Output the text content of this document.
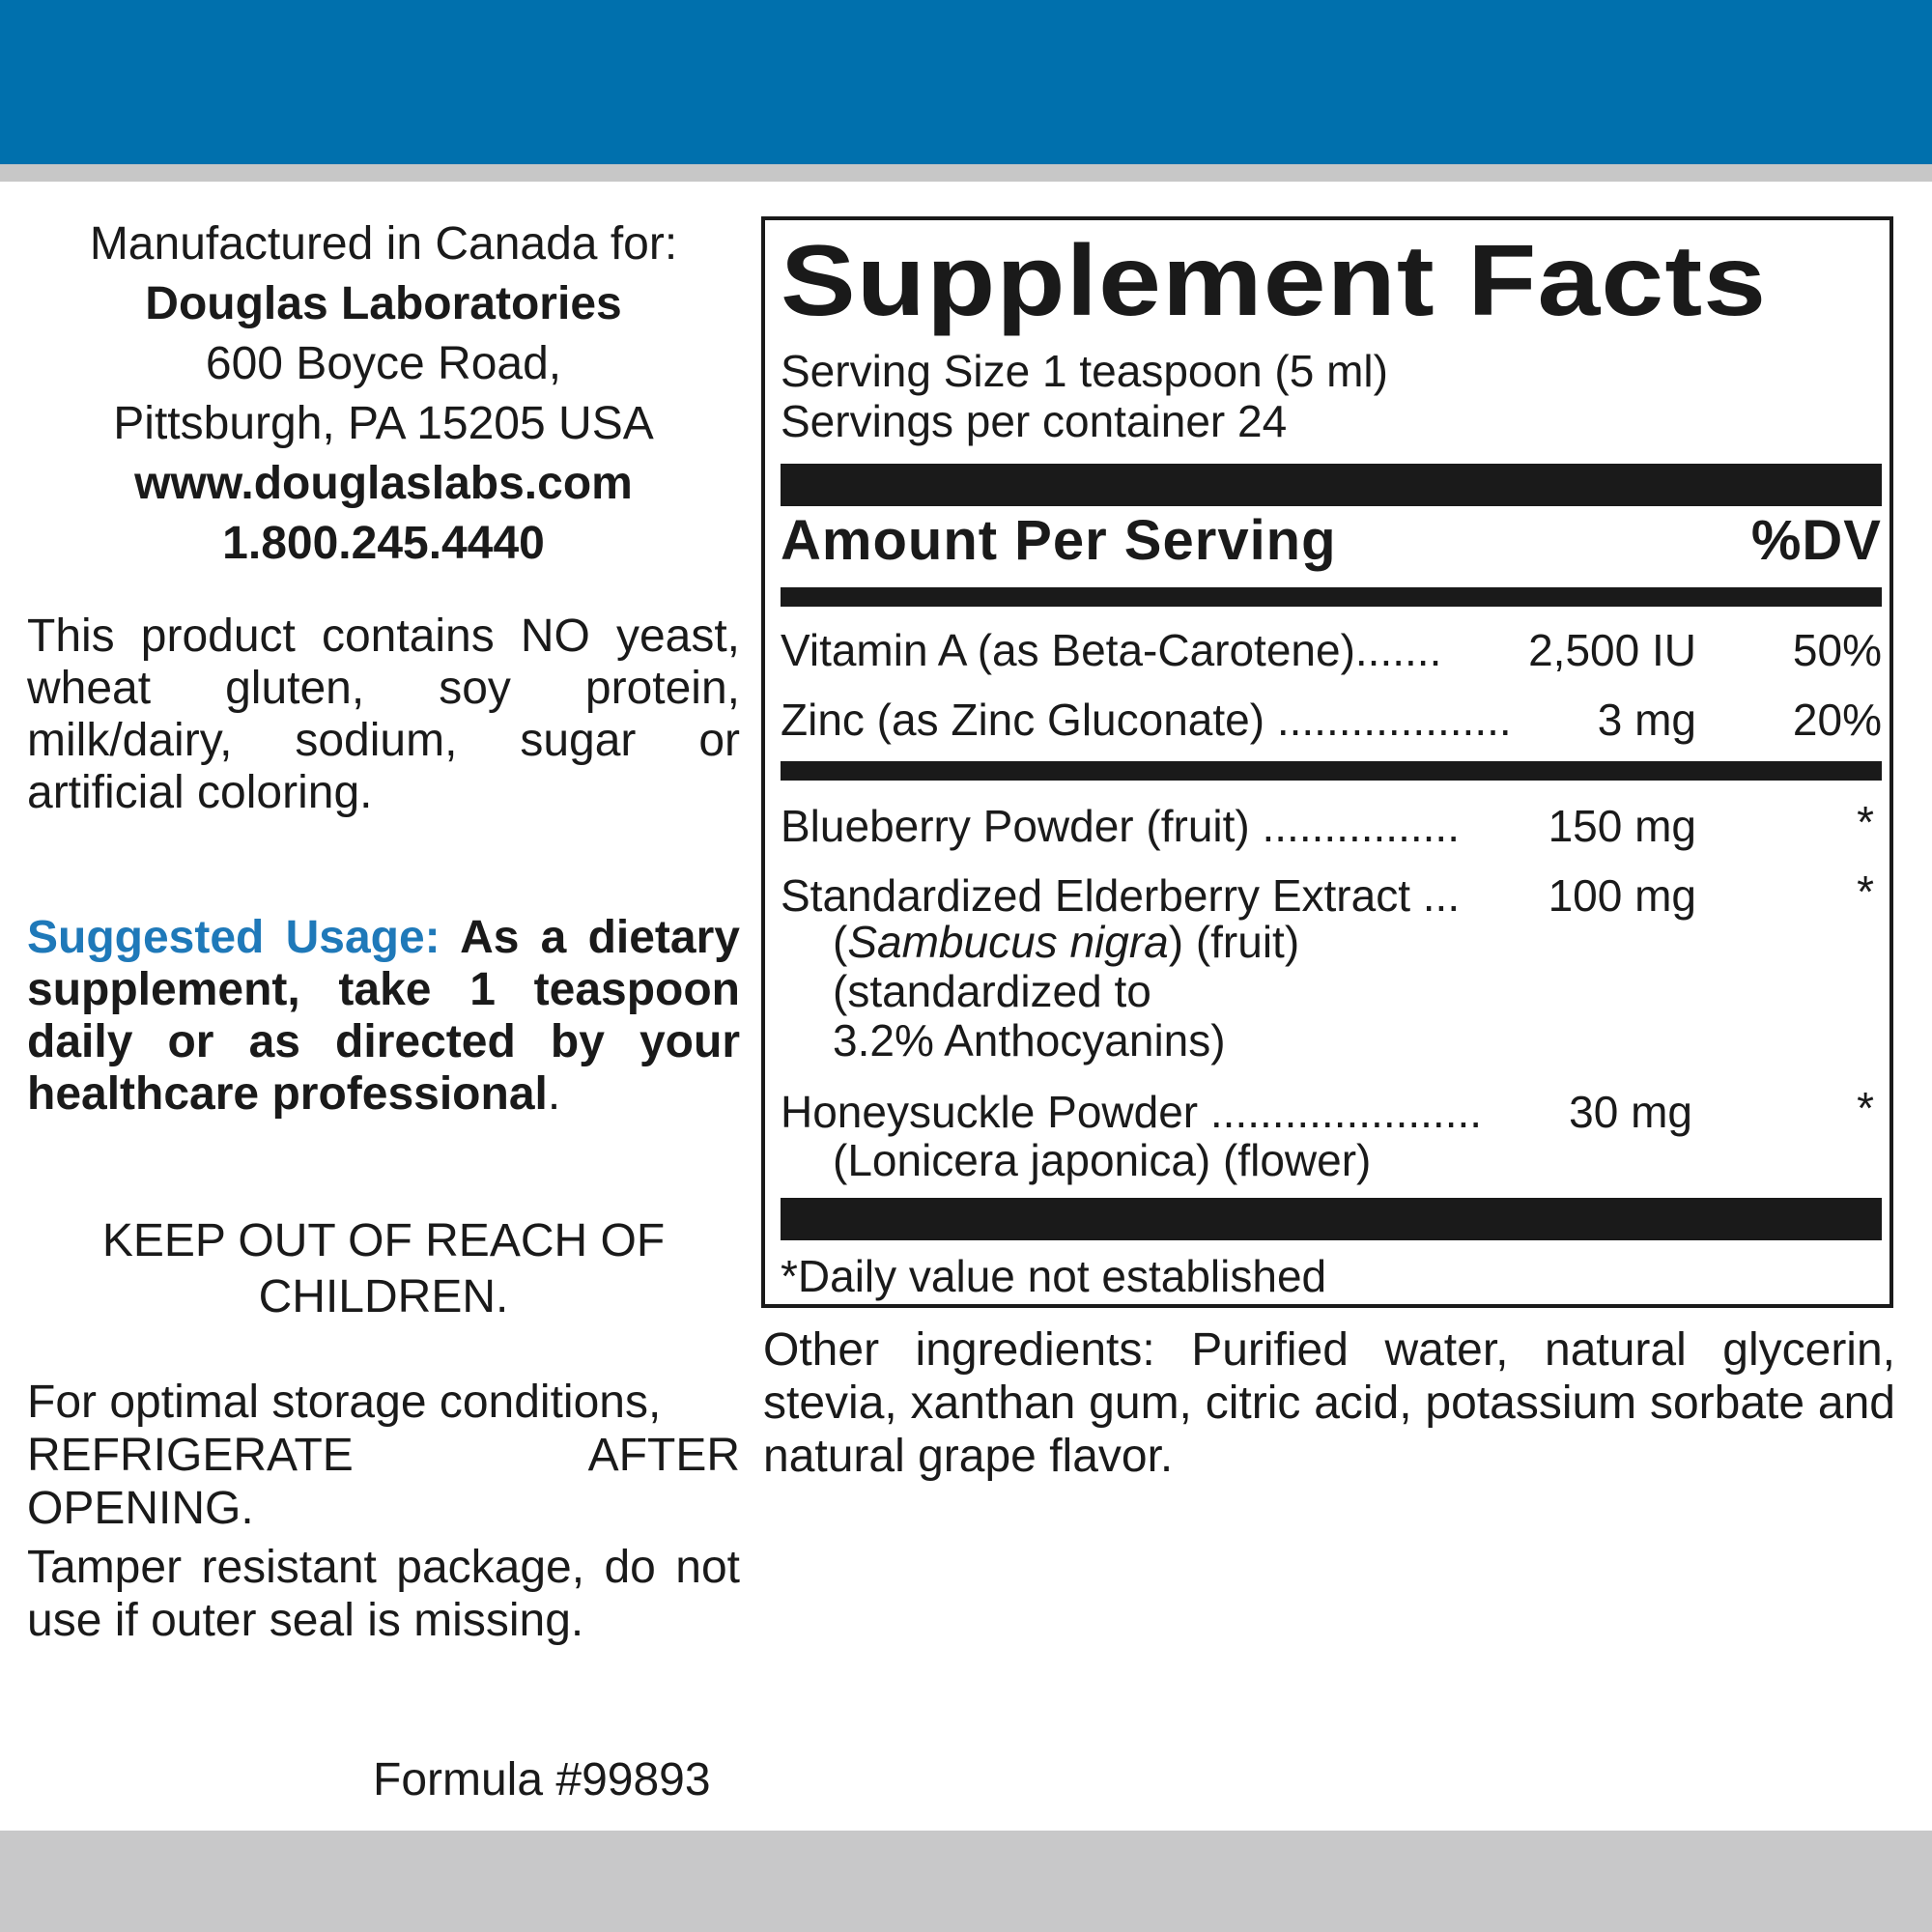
Manufactured in Canada for:
Douglas Laboratories
600 Boyce Road,
Pittsburgh, PA 15205 USA
www.douglaslabs.com
1.800.245.4440
This product contains NO yeast, wheat gluten, soy protein, milk/dairy, sodium, sugar or artificial coloring.
Suggested Usage: As a dietary supplement, take 1 teaspoon daily or as directed by your healthcare professional.
KEEP OUT OF REACH OF
CHILDREN.
For optimal storage conditions,
REFRIGERATE AFTER OPENING.
Tamper resistant package, do not use if outer seal is missing.
Formula #99893
Supplement Facts
Serving Size 1 teaspoon (5 ml)
Servings per container 24
Amount Per Serving	%DV
Vitamin A (as Beta-Carotene)....... 2,500 IU 50%
Zinc (as Zinc Gluconate) ................... 3 mg 20%
Blueberry Powder (fruit) ................ 150 mg	*
Standardized Elderberry Extract ... 100 mg	*
(Sambucus nigra) (fruit)
(standardized to
3.2% Anthocyanins)
Honeysuckle Powder ...................... 30 mg	*
(Lonicera japonica) (flower)
*Daily value not established
Other ingredients: Purified water, natural glycerin, stevia, xanthan gum, citric acid, potassium sorbate and natural grape flavor.
